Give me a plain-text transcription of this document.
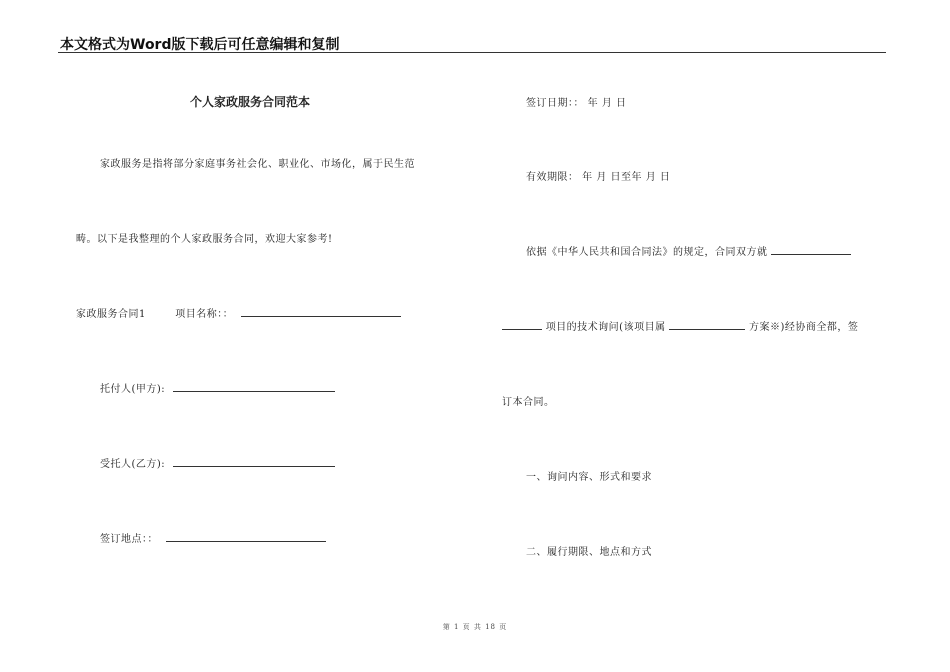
本文格式为Word版下载后可任意编辑和复制
个人家政服务合同范本
家政服务是指将部分家庭事务社会化、职业化、市场化，属于民生范
畴。以下是我整理的个人家政服务合同，欢迎大家参考!
家政服务合同1	项目名称：：
托付人(甲方):
受托人(乙方):
签订地点：：
签订日期：： 年 月 日
有效期限： 年 月 日至年 月 日
依据《中华人民共和国合同法》的规定，合同双方就
项目的技术询问(该项目属	方案※)经协商全都，签
订本合同。
一、询问内容、形式和要求
二、履行期限、地点和方式
第 1 页 共 18 页
